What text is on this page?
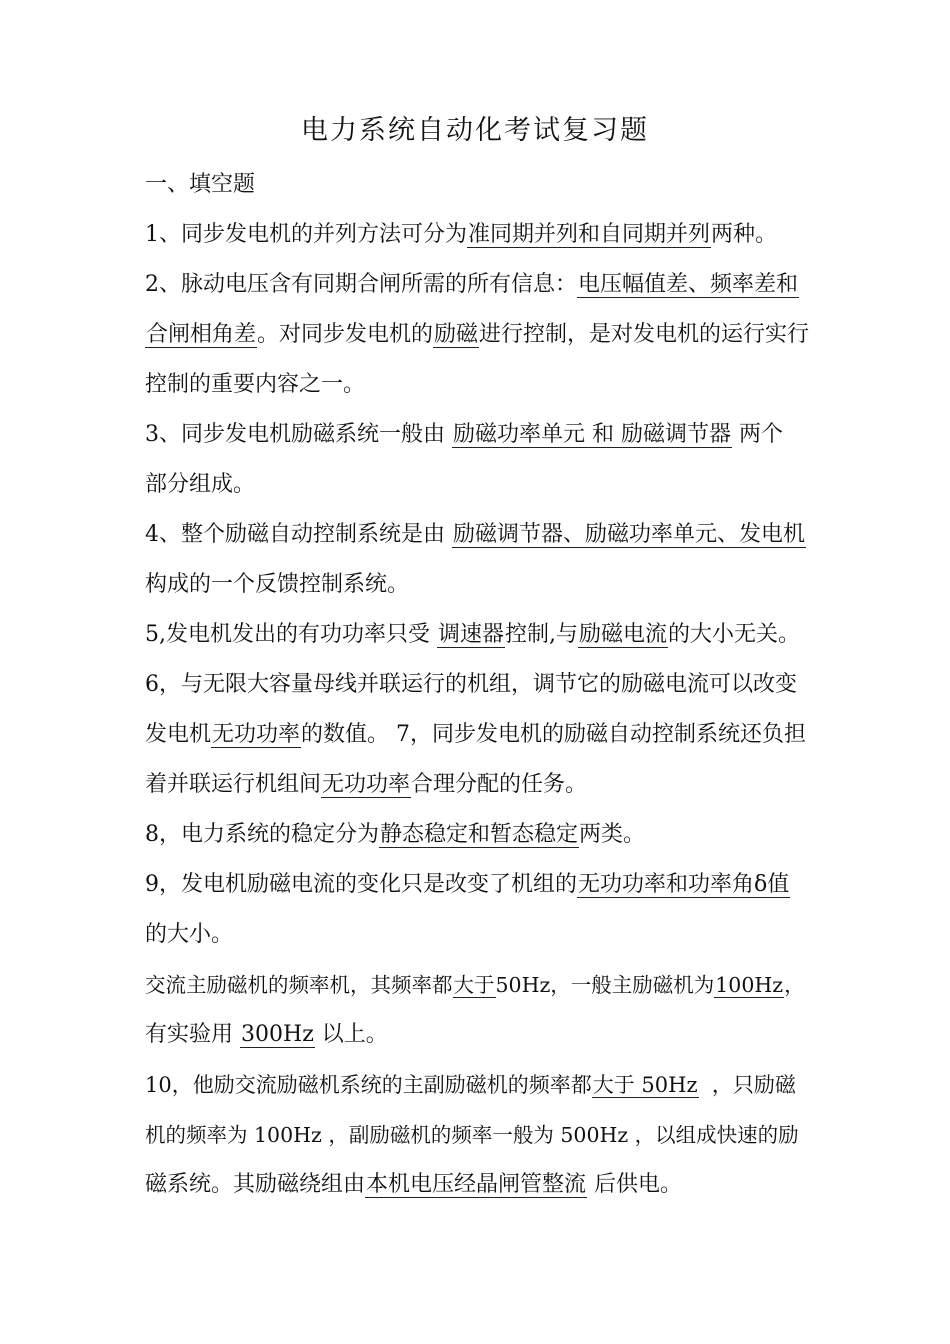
电力系统自动化考试复习题
一、填空题
1、同步发电机的并列方法可分为准同期并列和自同期并列两种。
2、脉动电压含有同期合闸所需的所有信息：电压幅值差、频率差和
合闸相角差。对同步发电机的励磁进行控制，是对发电机的运行实行
控制的重要内容之一。
3、同步发电机励磁系统一般由 励磁功率单元 和 励磁调节器 两个
部分组成。
4、整个励磁自动控制系统是由 励磁调节器、励磁功率单元、发电机
构成的一个反馈控制系统。
5,发电机发出的有功功率只受 调速器控制,与励磁电流的大小无关。
6，与无限大容量母线并联运行的机组，调节它的励磁电流可以改变
发电机无功功率的数值。 7，同步发电机的励磁自动控制系统还负担
着并联运行机组间无功功率合理分配的任务。
8，电力系统的稳定分为静态稳定和暂态稳定两类。
9，发电机励磁电流的变化只是改变了机组的无功功率和功率角δ值
的大小。
交流主励磁机的频率机，其频率都大于50Hz，一般主励磁机为100Hz，
有实验用 300Hz 以上。
10，他励交流励磁机系统的主副励磁机的频率都大于 50Hz ，只励磁
机的频率为 100Hz ，副励磁机的频率一般为 500Hz ，以组成快速的励
磁系统。其励磁绕组由本机电压经晶闸管整流 后供电。
